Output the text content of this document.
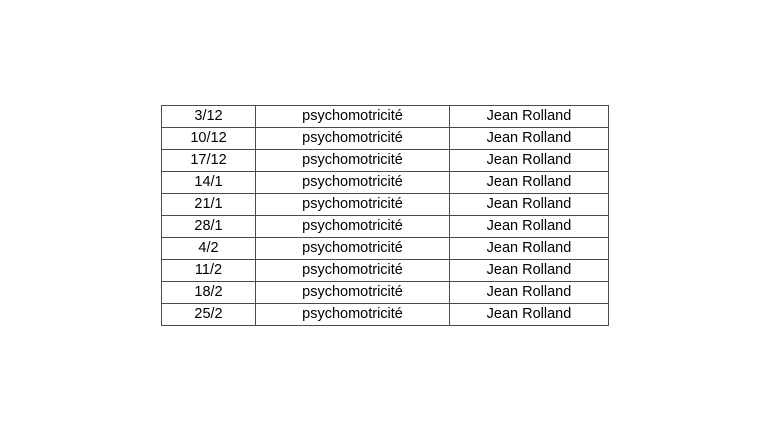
3/12	psychomotricité	Jean Rolland
10/12	psychomotricité	Jean Rolland
17/12	psychomotricité	Jean Rolland
14/1	psychomotricité	Jean Rolland
21/1	psychomotricité	Jean Rolland
28/1	psychomotricité	Jean Rolland
4/2	psychomotricité	Jean Rolland
11/2	psychomotricité	Jean Rolland
18/2	psychomotricité	Jean Rolland
25/2	psychomotricité	Jean Rolland
